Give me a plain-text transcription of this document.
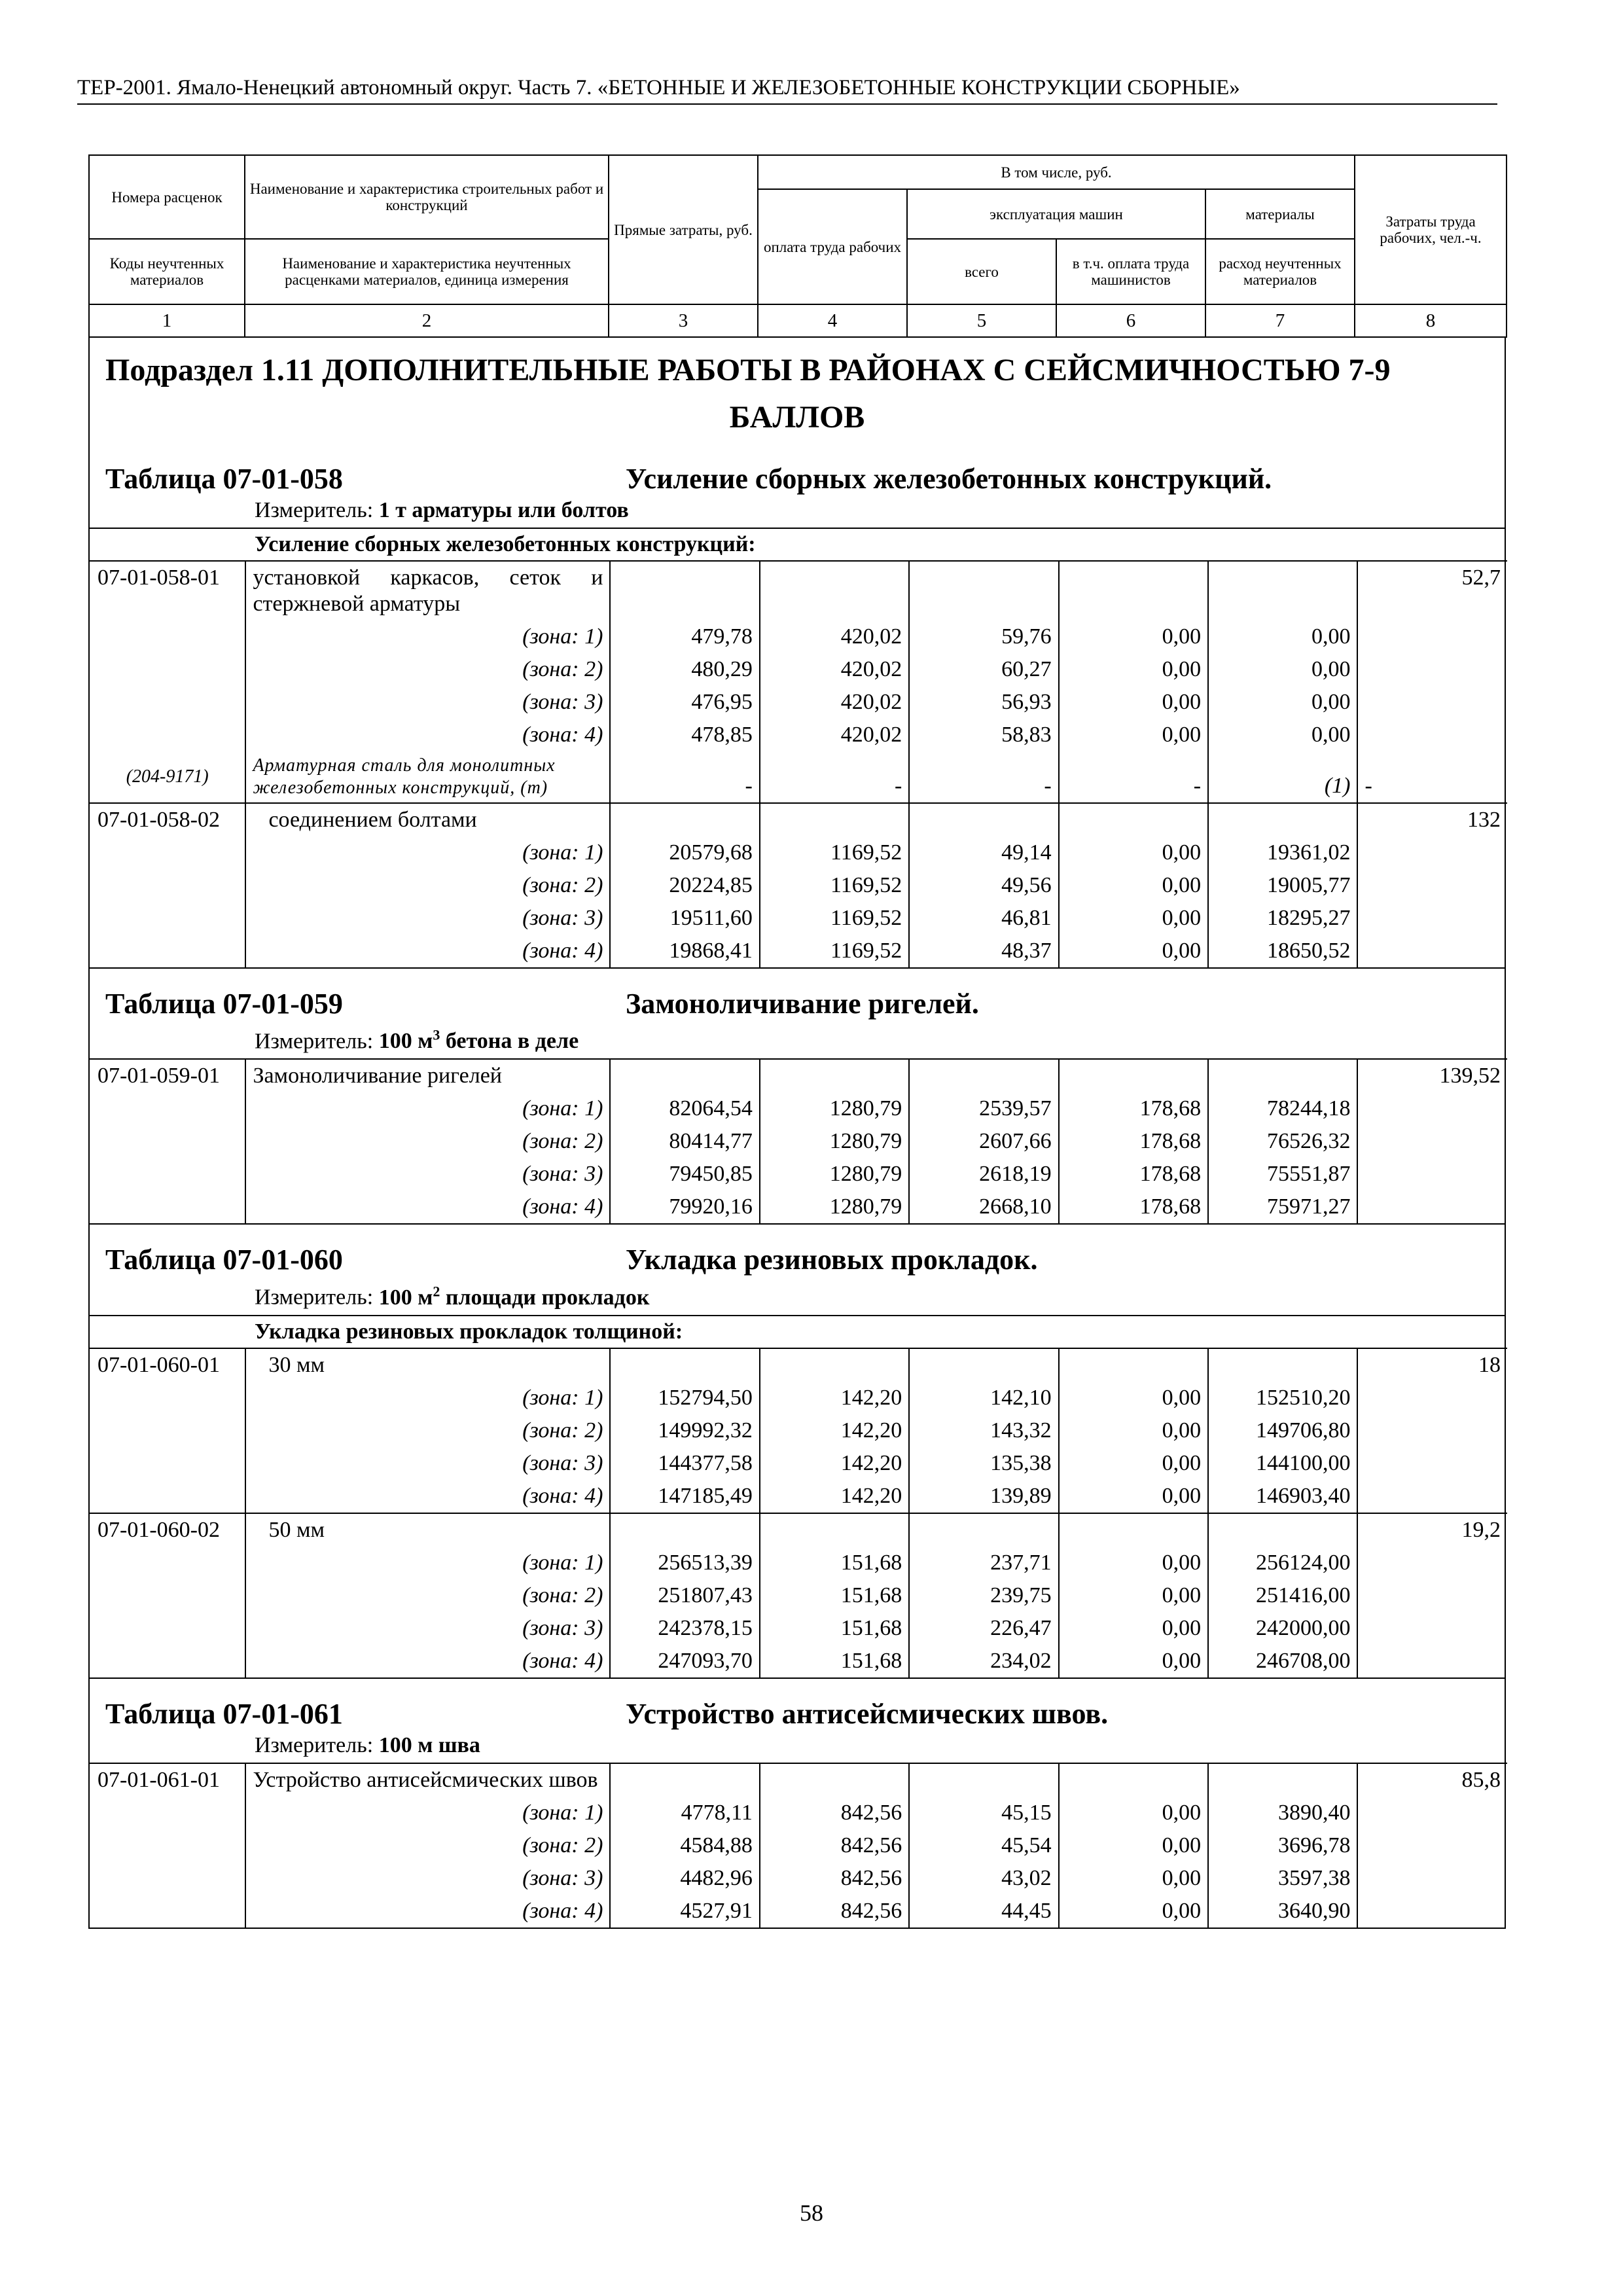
ТЕР-2001. Ямало-Ненецкий автономный округ. Часть 7. «БЕТОННЫЕ И ЖЕЛЕЗОБЕТОННЫЕ КОНСТРУКЦИИ СБОРНЫЕ»
Номера расценок	Наименование и характеристика строительных работ и конструкций	Прямые затраты, руб.	В том числе, руб.				Затраты труда рабочих, чел.-ч.
			оплата труда рабочих	эксплуатация машин		материалы	

Коды неучтенных материалов	Наименование и характеристика неучтенных расценками материалов, единица измерения			всего	в т.ч. оплата труда машинистов	расход неучтенных материалов	
1	2	3	4	5	6	7	8
Подраздел 1.11 ДОПОЛНИТЕЛЬНЫЕ РАБОТЫ В РАЙОНАХ С СЕЙСМИЧНОСТЬЮ 7-9
БАЛЛОВ
Таблица 07-01-058	Усиление сборных железобетонных конструкций.
Измеритель: 1 т арматуры или болтов
Усиление сборных железобетонных конструкций:
07-01-058-01	установкой каркасов, сеток и стержневой арматуры						52,7
	(зона: 1)	479,78	420,02	59,76	0,00	0,00	
	(зона: 2)	480,29	420,02	60,27	0,00	0,00	
	(зона: 3)	476,95	420,02	56,93	0,00	0,00	
	(зона: 4)	478,85	420,02	58,83	0,00	0,00	
(204-9171)	Арматурная сталь для монолитных железобетонных конструкций, (т)	-	-	-	-	(1)	-
07-01-058-02	соединением болтами						132
	(зона: 1)	20579,68	1169,52	49,14	0,00	19361,02	
	(зона: 2)	20224,85	1169,52	49,56	0,00	19005,77	
	(зона: 3)	19511,60	1169,52	46,81	0,00	18295,27	
	(зона: 4)	19868,41	1169,52	48,37	0,00	18650,52	
Таблица 07-01-059	Замоноличивание ригелей.
Измеритель: 100 $м^3$ бетона в деле
07-01-059-01	Замоноличивание ригелей						139,52
	(зона: 1)	82064,54	1280,79	2539,57	178,68	78244,18	
	(зона: 2)	80414,77	1280,79	2607,66	178,68	76526,32	
	(зона: 3)	79450,85	1280,79	2618,19	178,68	75551,87	
	(зона: 4)	79920,16	1280,79	2668,10	178,68	75971,27	
Таблица 07-01-060	Укладка резиновых прокладок.
Измеритель: 100 $м^2$ площади прокладок
Укладка резиновых прокладок толщиной:
07-01-060-01	30 мм						18
	(зона: 1)	152794,50	142,20	142,10	0,00	152510,20	
	(зона: 2)	149992,32	142,20	143,32	0,00	149706,80	
	(зона: 3)	144377,58	142,20	135,38	0,00	144100,00	
	(зона: 4)	147185,49	142,20	139,89	0,00	146903,40	
07-01-060-02	50 мм						19,2
	(зона: 1)	256513,39	151,68	237,71	0,00	256124,00	
	(зона: 2)	251807,43	151,68	239,75	0,00	251416,00	
	(зона: 3)	242378,15	151,68	226,47	0,00	242000,00	
	(зона: 4)	247093,70	151,68	234,02	0,00	246708,00	
Таблица 07-01-061	Устройство антисейсмических швов.
Измеритель: 100 м шва
07-01-061-01	Устройство антисейсмических швов						85,8
	(зона: 1)	4778,11	842,56	45,15	0,00	3890,40	
	(зона: 2)	4584,88	842,56	45,54	0,00	3696,78	
	(зона: 3)	4482,96	842,56	43,02	0,00	3597,38	
	(зона: 4)	4527,91	842,56	44,45	0,00	3640,90	
58
